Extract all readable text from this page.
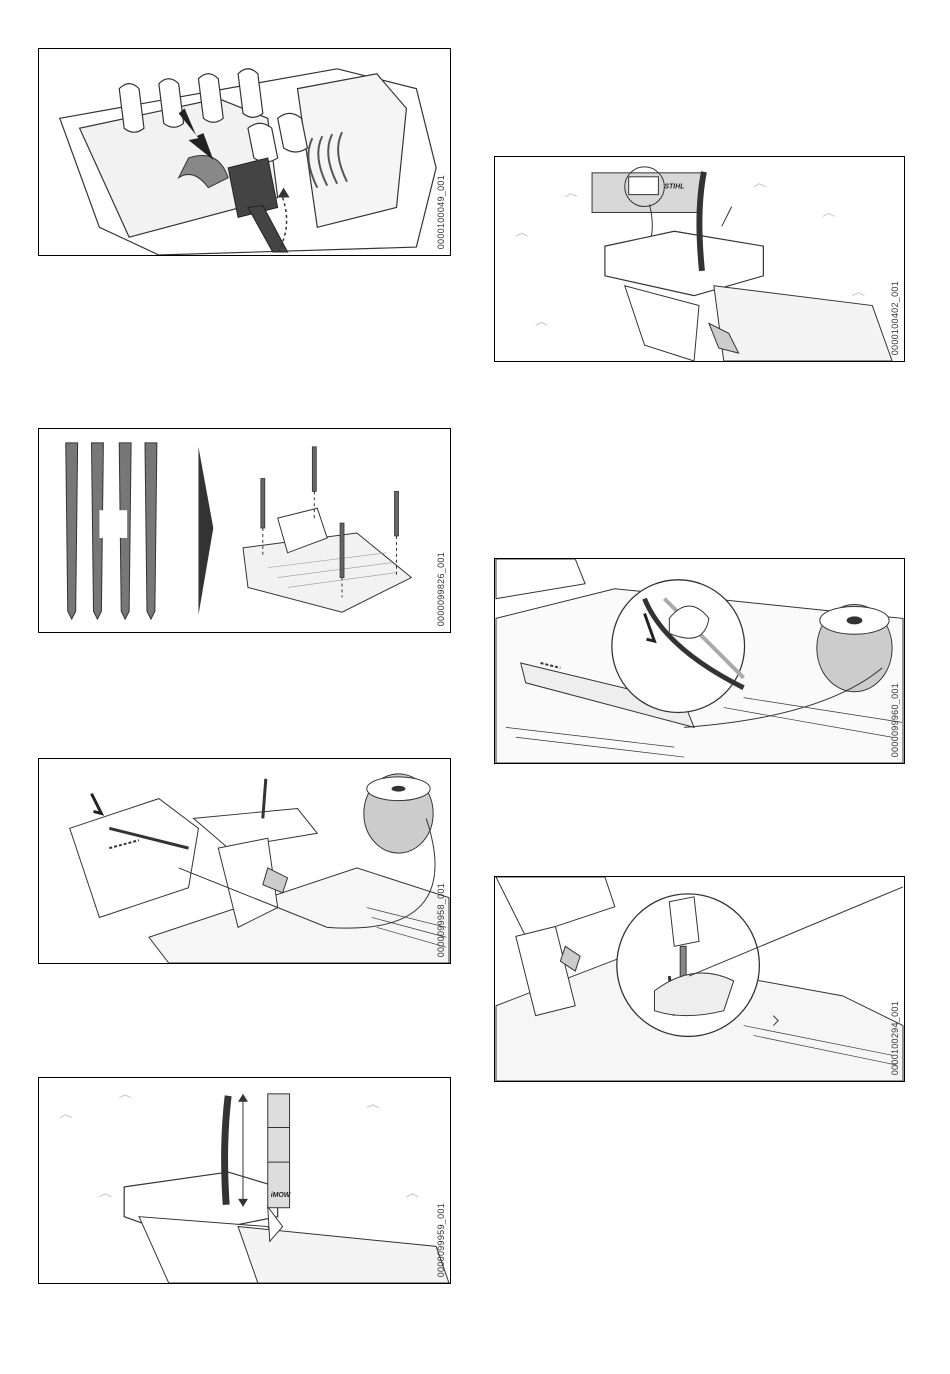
0000100049_001	STIHL
0000100402_001
0000099826_001
0000099960_001
0000099958_001
0000100294_001
iMOW
0000099959_001
